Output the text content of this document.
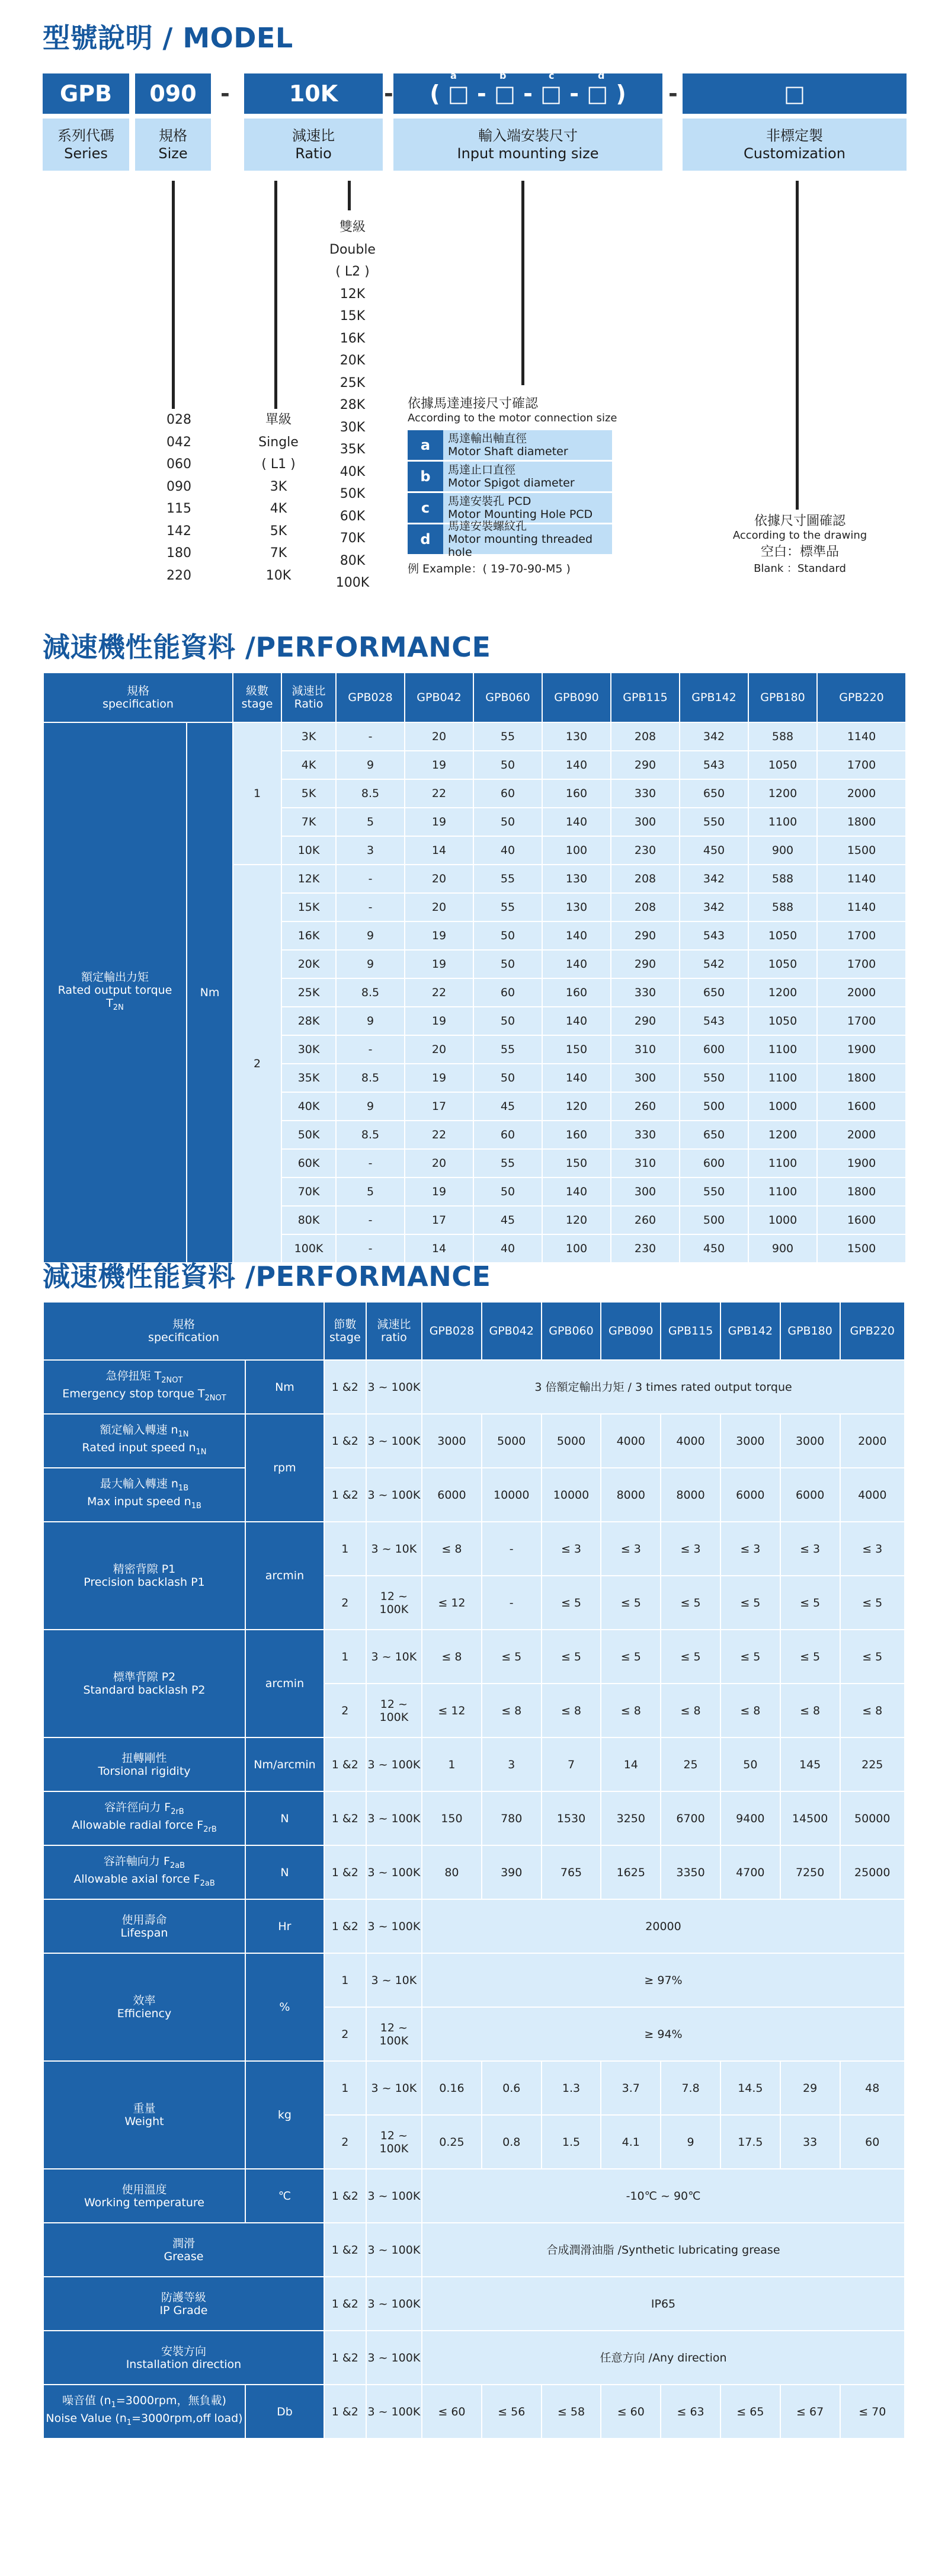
型號說明 / MODEL
GPB	090	-	10K	-	( □ - □ - □ - □ )
a	b	c	d
-	□
系列代碼
Series
規格
Size
減速比
Ratio
輸入端安裝尺寸
Input mounting size
非標定製
Customization
028
042
060
090
115
142
180
220
單級
Single
( L1 )
3K
4K
5K
7K
10K
雙級
Double
( L2 )
12K
15K
16K
20K
25K
28K
30K
35K
40K
50K
60K
70K
80K
100K
依據馬達連接尺寸確認
According to the motor connection size
a	馬達輸出軸直徑
Motor Shaft diameter
b	馬達止口直徑
Motor Spigot diameter
c	馬達安裝孔 PCD
Motor Mounting Hole PCD
d
馬達安裝螺紋孔
Motor mounting threaded hole
例 Example：( 19-70-90-M5 )
依據尺寸圖確認
According to the drawing
空白：標準品
Blank ：Standard
減速機性能資料 /PERFORMANCE
規格
specification		級數
stage	減速比
Ratio	GPB028	GPB042	GPB060	GPB090	GPB115	GPB142	GPB180	GPB220
額定輸出力矩
Rated output torque
$T_{2N}$	Nm	1	3K	-	20	55	130	208	342	588	1140
			4K	9	19	50	140	290	543	1050	1700
			5K	8.5	22	60	160	330	650	1200	2000
			7K	5	19	50	140	300	550	1100	1800
			10K	3	14	40	100	230	450	900	1500
		2	12K	-	20	55	130	208	342	588	1140
			15K	-	20	55	130	208	342	588	1140
			16K	9	19	50	140	290	543	1050	1700
			20K	9	19	50	140	290	542	1050	1700
			25K	8.5	22	60	160	330	650	1200	2000
			28K	9	19	50	140	290	543	1050	1700
			30K	-	20	55	150	310	600	1100	1900
			35K	8.5	19	50	140	300	550	1100	1800
			40K	9	17	45	120	260	500	1000	1600
			50K	8.5	22	60	160	330	650	1200	2000
			60K	-	20	55	150	310	600	1100	1900
			70K	5	19	50	140	300	550	1100	1800
			80K	-	17	45	120	260	500	1000	1600
			100K	-	14	40	100	230	450	900	1500
減速機性能資料 /PERFORMANCE
規格
specification		節數
stage	減速比
ratio	GPB028	GPB042	GPB060	GPB090	GPB115	GPB142	GPB180	GPB220
急停扭矩 $T_{2NOT}$
Emergency stop torque $T_{2NOT}$	Nm	1 &2	3 ~ 100K	3 倍額定輸出力矩 / 3 times rated output torque							
額定輸入轉速 $n_{1N}$
Rated input speed $n_{1N}$	rpm	1 &2	3 ~ 100K	3000	5000	5000	4000	4000	3000	3000	2000
最大輸入轉速 $n_{1B}$
Max input speed $n_{1B}$		1 &2	3 ~ 100K	6000	10000	10000	8000	8000	6000	6000	4000
精密背隙 P1
Precision backlash P1	arcmin	1	3 ~ 10K	≤ 8	-	≤ 3	≤ 3	≤ 3	≤ 3	≤ 3	≤ 3
		2	12 ~ 100K	≤ 12	-	≤ 5	≤ 5	≤ 5	≤ 5	≤ 5	≤ 5
標準背隙 P2
Standard backlash P2	arcmin	1	3 ~ 10K	≤ 8	≤ 5	≤ 5	≤ 5	≤ 5	≤ 5	≤ 5	≤ 5
		2	12 ~ 100K	≤ 12	≤ 8	≤ 8	≤ 8	≤ 8	≤ 8	≤ 8	≤ 8
扭轉剛性
Torsional rigidity	Nm/arcmin	1 &2	3 ~ 100K	1	3	7	14	25	50	145	225
容許徑向力 $F_{2rB}$
Allowable radial force $F_{2rB}$	N	1 &2	3 ~ 100K	150	780	1530	3250	6700	9400	14500	50000
容許軸向力 $F_{2aB}$
Allowable axial force $F_{2aB}$	N	1 &2	3 ~ 100K	80	390	765	1625	3350	4700	7250	25000
使用壽命
Lifespan	Hr	1 &2	3 ~ 100K	20000							
效率
Efficiency	%	1	3 ~ 10K	≥ 97%							
		2	12 ~ 100K	≥ 94%							
重量
Weight	kg	1	3 ~ 10K	0.16	0.6	1.3	3.7	7.8	14.5	29	48
		2	12 ~ 100K	0.25	0.8	1.5	4.1	9	17.5	33	60
使用溫度
Working temperature	℃	1 &2	3 ~ 100K	-10℃ ~ 90℃							
潤滑
Grease		1 &2	3 ~ 100K	合成潤滑油脂 /Synthetic lubricating grease							
防護等級
IP Grade		1 &2	3 ~ 100K	IP65							
安裝方向
Installation direction		1 &2	3 ~ 100K	任意方向 /Any direction							
噪音值 ($n_1=3000rpm$，無負載)
Noise Value ($n_1=3000rpm,off$ load)	Db	1 &2	3 ~ 100K	≤ 60	≤ 56	≤ 58	≤ 60	≤ 63	≤ 65	≤ 67	≤ 70
